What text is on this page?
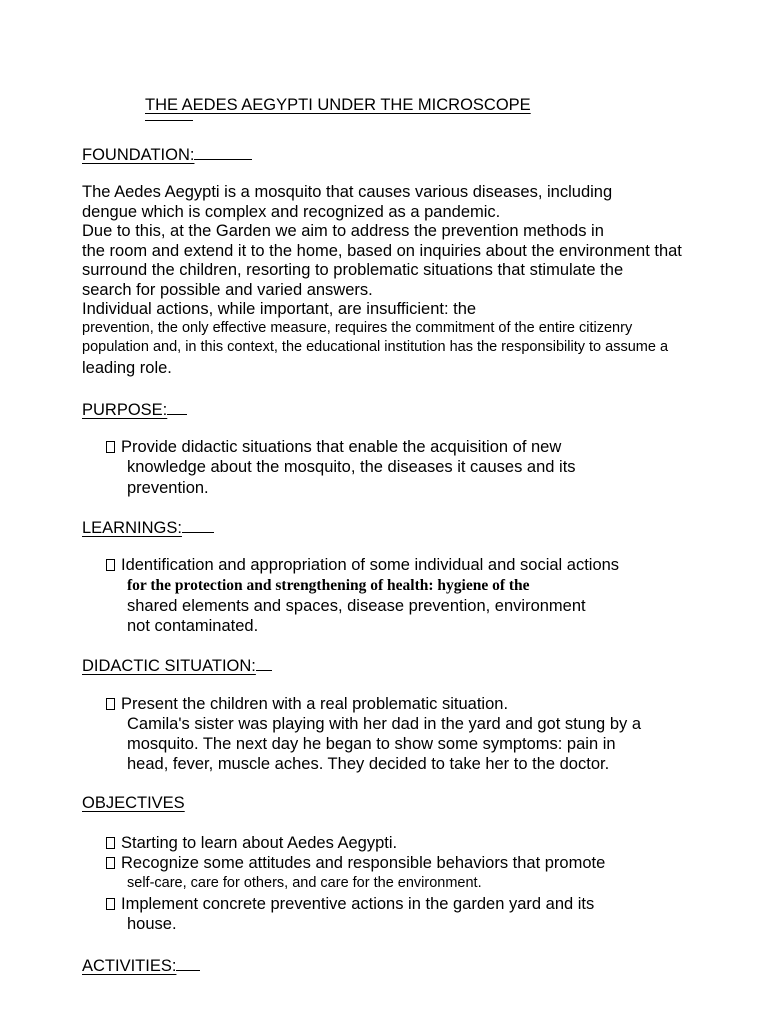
THE AEDES AEGYPTI UNDER THE MICROSCOPE
FOUNDATION:
The Aedes Aegypti is a mosquito that causes various diseases, including
dengue which is complex and recognized as a pandemic.
Due to this, at the Garden we aim to address the prevention methods in
the room and extend it to the home, based on inquiries about the environment that
surround the children, resorting to problematic situations that stimulate the
search for possible and varied answers.
Individual actions, while important, are insufficient: the
prevention, the only effective measure, requires the commitment of the entire citizenry
population and, in this context, the educational institution has the responsibility to assume a
leading role.
PURPOSE:
Provide didactic situations that enable the acquisition of new
knowledge about the mosquito, the diseases it causes and its
prevention.
LEARNINGS:
Identification and appropriation of some individual and social actions
for the protection and strengthening of health: hygiene of the
shared elements and spaces, disease prevention, environment
not contaminated.
DIDACTIC SITUATION:
Present the children with a real problematic situation.
Camila's sister was playing with her dad in the yard and got stung by a
mosquito. The next day he began to show some symptoms: pain in
head, fever, muscle aches. They decided to take her to the doctor.
OBJECTIVES
Starting to learn about Aedes Aegypti.
Recognize some attitudes and responsible behaviors that promote
self-care, care for others, and care for the environment.
Implement concrete preventive actions in the garden yard and its
house.
ACTIVITIES:
